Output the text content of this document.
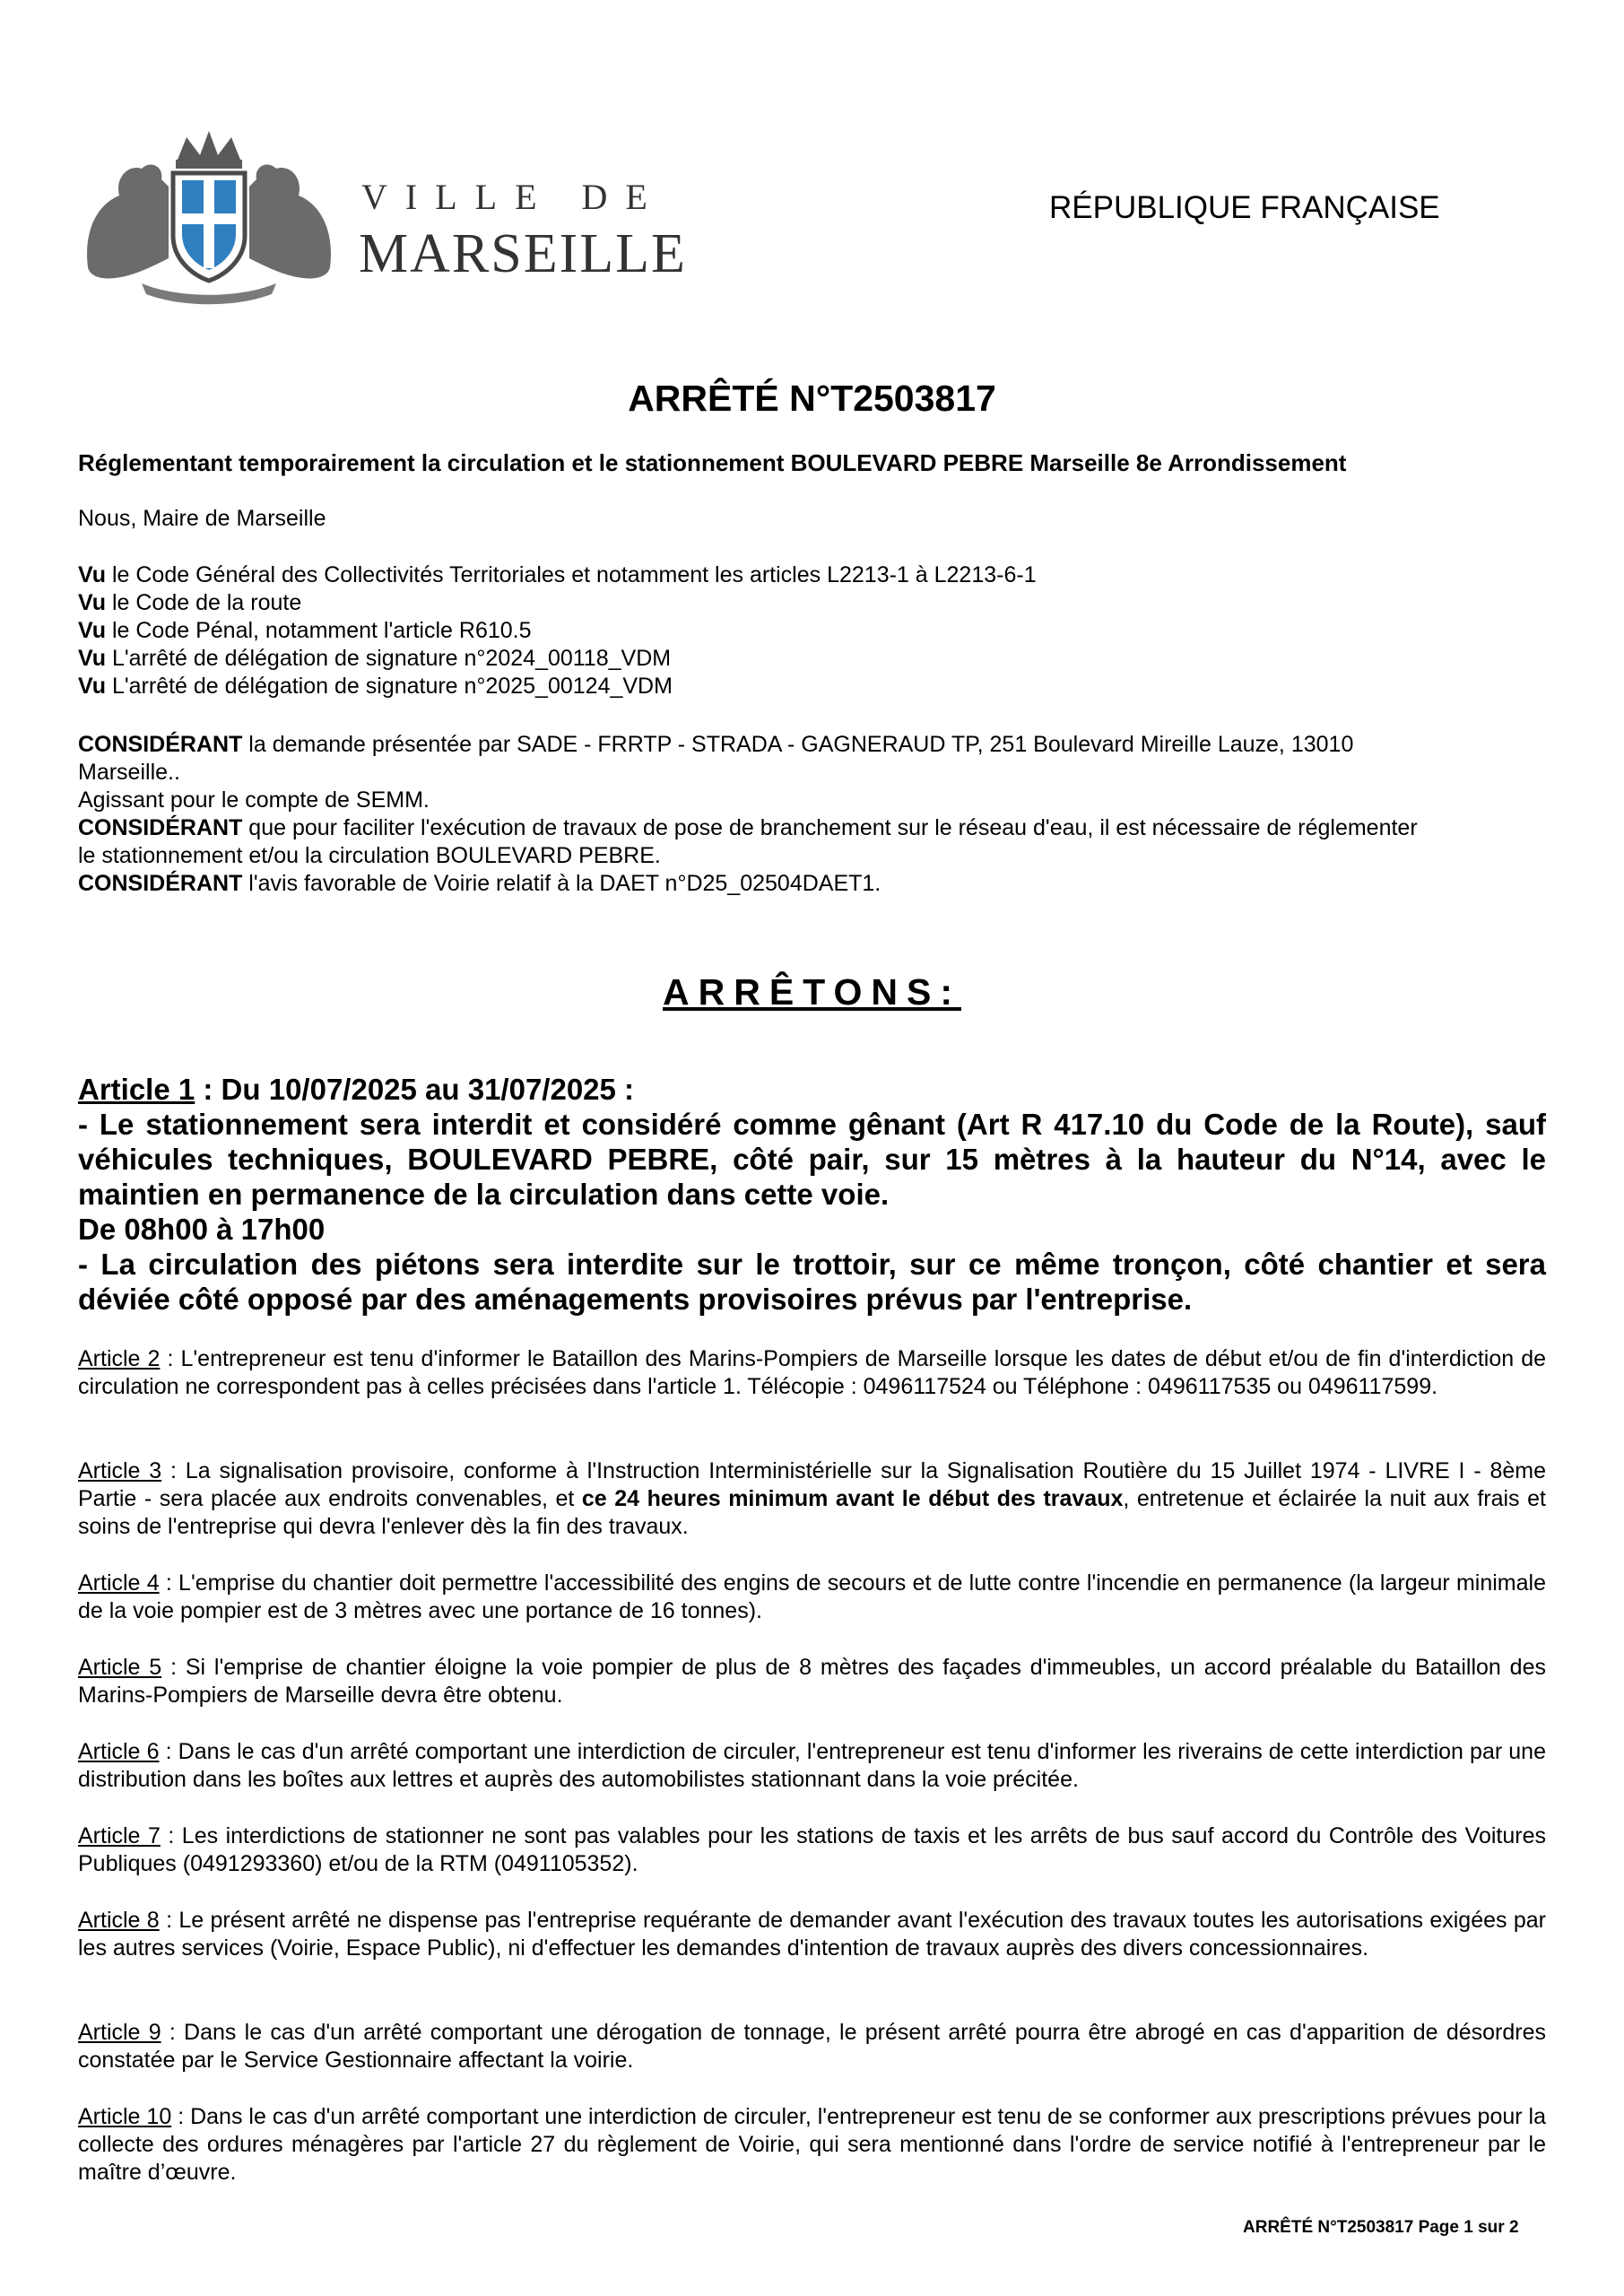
VILLE DE
MARSEILLE
RÉPUBLIQUE FRANÇAISE
ARRÊTÉ N°T2503817
Réglementant temporairement la circulation et le stationnement BOULEVARD PEBRE Marseille 8e Arrondissement
Nous, Maire de Marseille
Vu le Code Général des Collectivités Territoriales et notamment les articles L2213-1 à L2213-6-1
Vu le Code de la route
Vu le Code Pénal, notamment l'article R610.5
Vu L'arrêté de délégation de signature n°2024_00118_VDM
Vu L'arrêté de délégation de signature n°2025_00124_VDM
CONSIDÉRANT la demande présentée par SADE - FRRTP - STRADA - GAGNERAUD TP, 251 Boulevard Mireille Lauze, 13010
Marseille..
Agissant pour le compte de SEMM.
CONSIDÉRANT que pour faciliter l'exécution de travaux de pose de branchement sur le réseau d'eau, il est nécessaire de réglementer
le stationnement et/ou la circulation BOULEVARD PEBRE.
CONSIDÉRANT l'avis favorable de Voirie relatif à la DAET n°D25_02504DAET1.
ARRÊTONS:
Article 1 : Du 10/07/2025 au 31/07/2025 :
- Le stationnement sera interdit et considéré comme gênant (Art R 417.10 du Code de la Route), sauf véhicules techniques, BOULEVARD PEBRE, côté pair, sur 15 mètres à la hauteur du N°14, avec le maintien en permanence de la circulation dans cette voie.
De 08h00 à 17h00
- La circulation des piétons sera interdite sur le trottoir, sur ce même tronçon, côté chantier et sera déviée côté opposé par des aménagements provisoires prévus par l'entreprise.
Article 2 : L'entrepreneur est tenu d'informer le Bataillon des Marins-Pompiers de Marseille lorsque les dates de début et/ou de fin d'interdiction de circulation ne correspondent pas à celles précisées dans l'article 1. Télécopie : 0496117524 ou Téléphone : 0496117535 ou 0496117599.
Article 3 : La signalisation provisoire, conforme à l'Instruction Interministérielle sur la Signalisation Routière du 15 Juillet 1974 - LIVRE I - 8ème Partie - sera placée aux endroits convenables, et ce 24 heures minimum avant le début des travaux, entretenue et éclairée la nuit aux frais et soins de l'entreprise qui devra l'enlever dès la fin des travaux.
Article 4 : L'emprise du chantier doit permettre l'accessibilité des engins de secours et de lutte contre l'incendie en permanence (la largeur minimale de la voie pompier est de 3 mètres avec une portance de 16 tonnes).
Article 5 : Si l'emprise de chantier éloigne la voie pompier de plus de 8 mètres des façades d'immeubles, un accord préalable du Bataillon des Marins-Pompiers de Marseille devra être obtenu.
Article 6 : Dans le cas d'un arrêté comportant une interdiction de circuler, l'entrepreneur est tenu d'informer les riverains de cette interdiction par une distribution dans les boîtes aux lettres et auprès des automobilistes stationnant dans la voie précitée.
Article 7 : Les interdictions de stationner ne sont pas valables pour les stations de taxis et les arrêts de bus sauf accord du Contrôle des Voitures Publiques (0491293360) et/ou de la RTM (0491105352).
Article 8 : Le présent arrêté ne dispense pas l'entreprise requérante de demander avant l'exécution des travaux toutes les autorisations exigées par les autres services (Voirie, Espace Public), ni d'effectuer les demandes d'intention de travaux auprès des divers concessionnaires.
Article 9 : Dans le cas d'un arrêté comportant une dérogation de tonnage, le présent arrêté pourra être abrogé en cas d'apparition de désordres constatée par le Service Gestionnaire affectant la voirie.
Article 10 : Dans le cas d'un arrêté comportant une interdiction de circuler, l'entrepreneur est tenu de se conformer aux prescriptions prévues pour la collecte des ordures ménagères par l'article 27 du règlement de Voirie, qui sera mentionné dans l'ordre de service notifié à l'entrepreneur par le maître d’œuvre.
ARRÊTÉ N°T2503817 Page 1 sur 2
